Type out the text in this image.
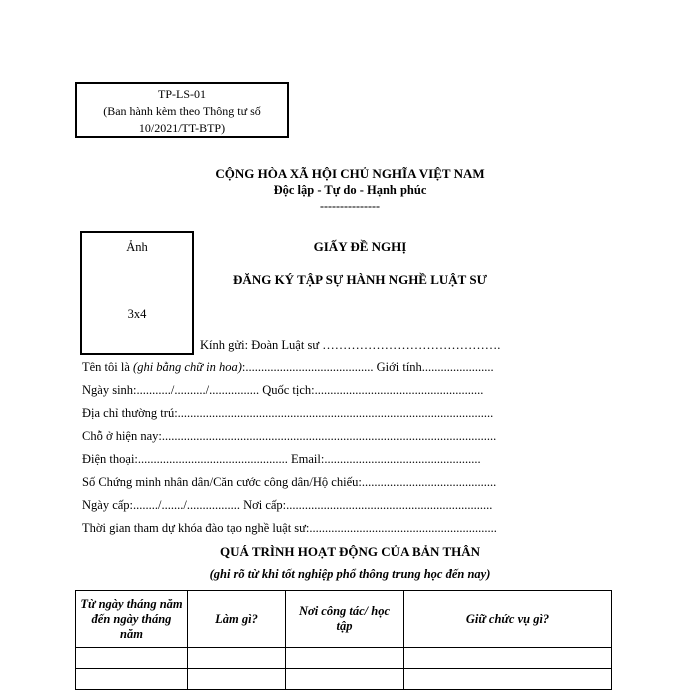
TP-LS-01
(Ban hành kèm theo Thông tư số
10/2021/TT-BTP)
CỘNG HÒA XÃ HỘI CHỦ NGHĨA VIỆT NAM
Độc lập - Tự do - Hạnh phúc
---------------
Ảnh
3x4
GIẤY ĐỀ NGHỊ
ĐĂNG KÝ TẬP SỰ HÀNH NGHỀ LUẬT SƯ
Kính gửi: Đoàn Luật sư …………………………………….
Tên tôi là (ghi bằng chữ in hoa):......................................... Giới tính.......................
Ngày sinh:.........../........../................ Quốc tịch:......................................................
Địa chỉ thường trú:.....................................................................................................
Chỗ ở hiện nay:...........................................................................................................
Điện thoại:................................................ Email:..................................................
Số Chứng minh nhân dân/Căn cước công dân/Hộ chiếu:...........................................
Ngày cấp:......../......./................. Nơi cấp:..................................................................
Thời gian tham dự khóa đào tạo nghề luật sư:............................................................
QUÁ TRÌNH HOẠT ĐỘNG CỦA BẢN THÂN
(ghi rõ từ khi tốt nghiệp phổ thông trung học đến nay)
Từ ngày tháng năm đến ngày tháng năm	Làm gì?	Nơi công tác/ học tập	Giữ chức vụ gì?
